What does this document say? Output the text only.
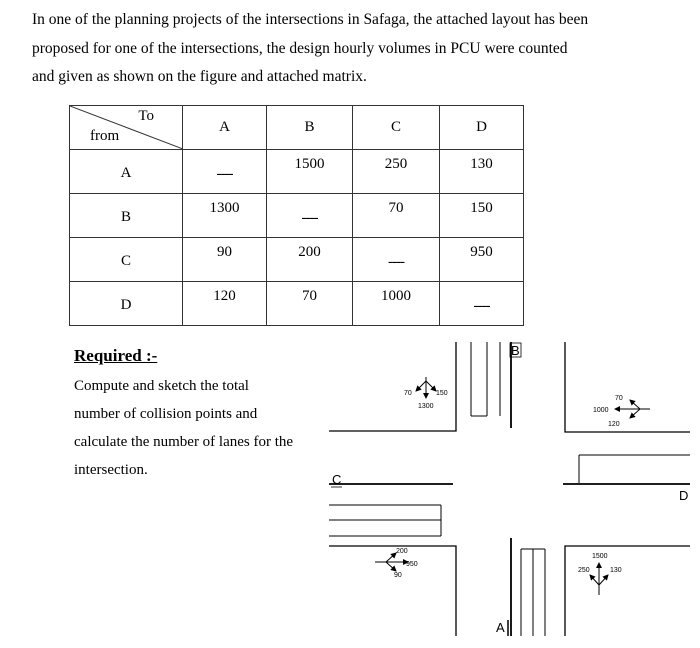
In one of the planning projects of the intersections in Safaga, the attached layout has been

proposed for one of the intersections, the design hourly volumes in PCU were counted

and given as shown on the figure and attached matrix.

To
from	A	B	C	D
A	----	1500	250	130
B	1300	----	70	150
C	90	200	----	950
D	120	70	1000	----
Required :-

Compute and sketch the total

number of collision points and

calculate the number of lanes for the

intersection.

B
C
D
A
70	150
1300
70
1000
120
200
950
90
1500
250	130
